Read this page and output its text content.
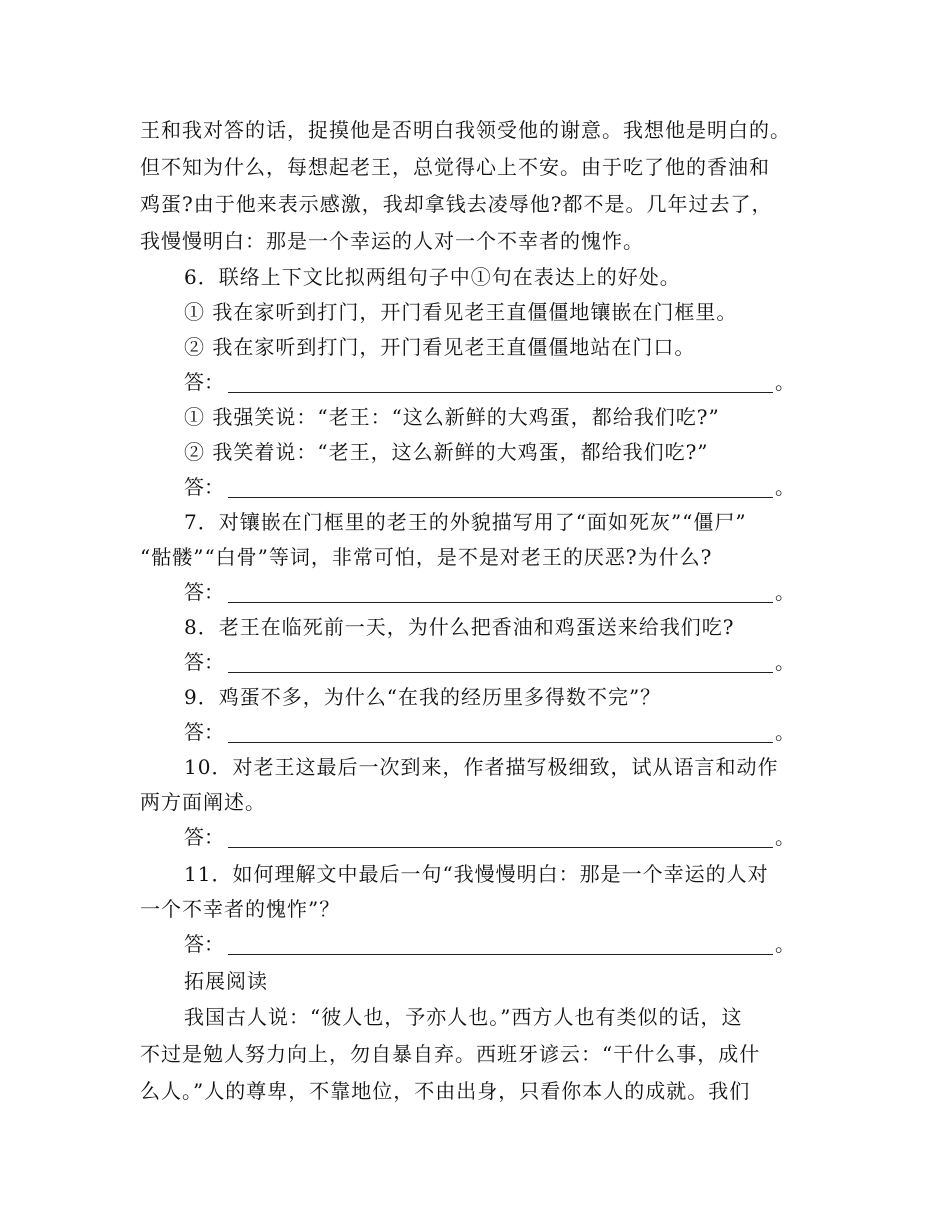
王和我对答的话，捉摸他是否明白我领受他的谢意。我想他是明白的。
但不知为什么，每想起老王，总觉得心上不安。由于吃了他的香油和
鸡蛋?由于他来表示感激，我却拿钱去凌辱他?都不是。几年过去了，
我慢慢明白：那是一个幸运的人对一个不幸者的愧怍。
6．联络上下文比拟两组句子中①句在表达上的好处。
① 我在家听到打门，开门看见老王直僵僵地镶嵌在门框里。
② 我在家听到打门，开门看见老王直僵僵地站在门口。
答：	。
① 我强笑说：“老王：“这么新鲜的大鸡蛋，都给我们吃?”
② 我笑着说：“老王，这么新鲜的大鸡蛋，都给我们吃?”
答：	。
7．对镶嵌在门框里的老王的外貌描写用了“面如死灰”“僵尸”
“骷髅”“白骨”等词，非常可怕，是不是对老王的厌恶?为什么?
答：	。
8．老王在临死前一天，为什么把香油和鸡蛋送来给我们吃?
答：	。
9．鸡蛋不多，为什么“在我的经历里多得数不完”？
答：	。
10．对老王这最后一次到来，作者描写极细致，试从语言和动作
两方面阐述。
答：	。
11．如何理解文中最后一句“我慢慢明白：那是一个幸运的人对
一个不幸者的愧怍”？
答：	。
拓展阅读
我国古人说：“彼人也，予亦人也。”西方人也有类似的话，这
不过是勉人努力向上，勿自暴自弃。西班牙谚云：“干什么事，成什
么人。”人的尊卑，不靠地位，不由出身，只看你本人的成就。我们
